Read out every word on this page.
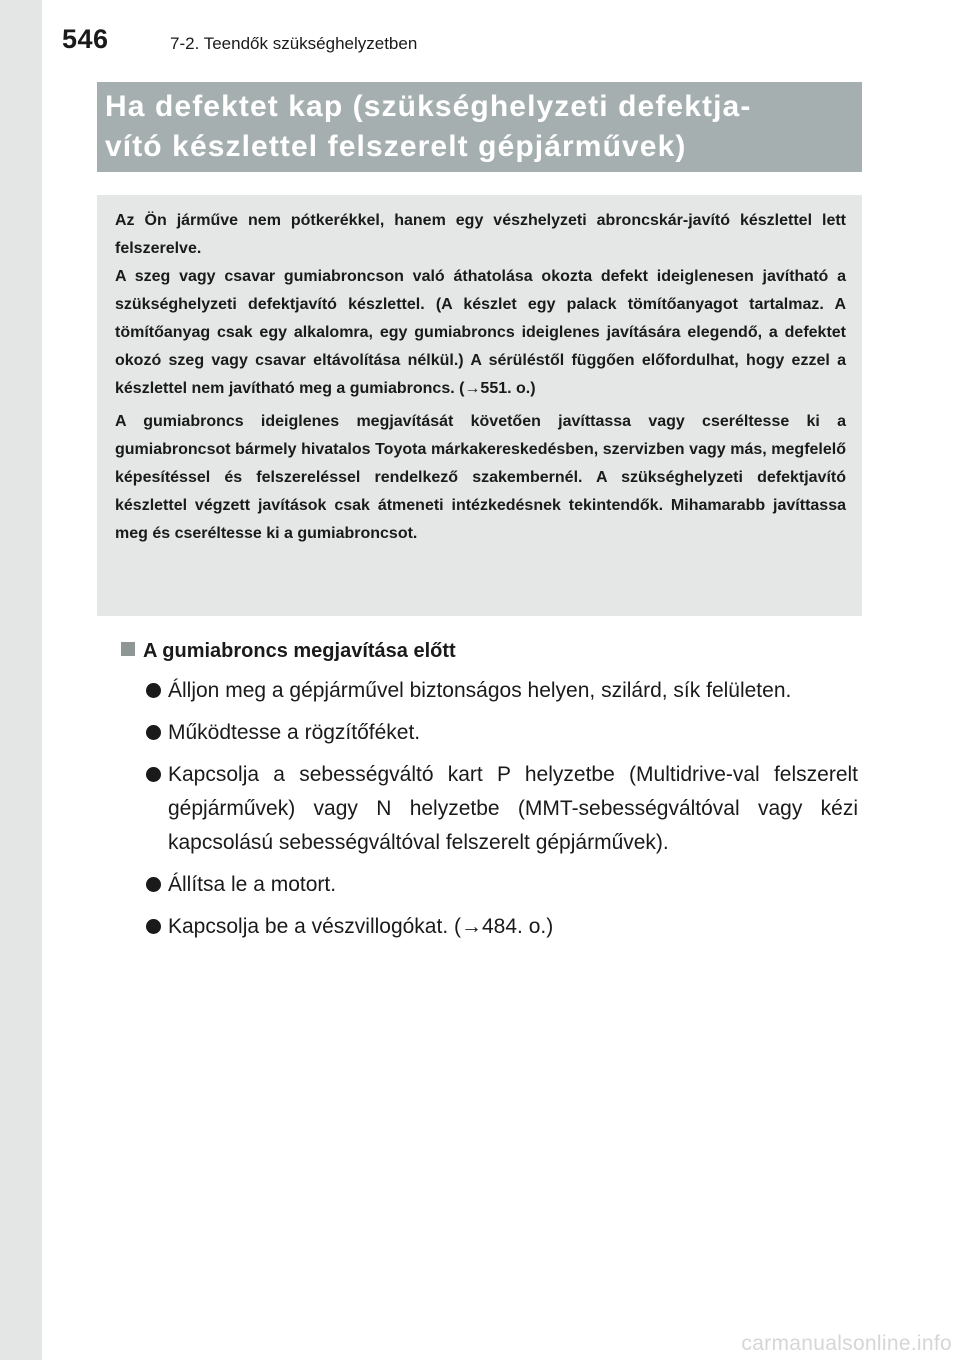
546	7-2. Teendők szükséghelyzetben
Ha defektet kap (szükséghelyzeti defektja-
vító készlettel felszerelt gépjárművek)

Az Ön járműve nem pótkerékkel, hanem egy vészhelyzeti abroncskár-javító készlettel lett felszerelve.

A szeg vagy csavar gumiabroncson való áthatolása okozta defekt ideiglenesen javítható a szükséghelyzeti defektjavító készlettel. (A készlet egy palack tömítőanyagot tartalmaz. A tömítőanyag csak egy alkalomra, egy gumiabroncs ideiglenes javítására elegendő, a defektet okozó szeg vagy csavar eltávolítása nélkül.) A sérüléstől függően előfordulhat, hogy ezzel a készlettel nem javítható meg a gumiabroncs. (→551. o.)

A gumiabroncs ideiglenes megjavítását követően javíttassa vagy cseréltesse ki a gumiabroncsot bármely hivatalos Toyota márkakereskedésben, szervizben vagy más, megfelelő képesítéssel és felszereléssel rendelkező szakembernél. A szükséghelyzeti defektjavító készlettel végzett javítások csak átmeneti intézkedésnek tekintendők. Mihamarabb javíttassa meg és cseréltesse ki a gumiabroncsot.

A gumiabroncs megjavítása előtt
Álljon meg a gépjárművel biztonságos helyen, szilárd, sík felületen.
Működtesse a rögzítőféket.
Kapcsolja a sebességváltó kart P helyzetbe (Multidrive-val felszerelt gépjárművek) vagy N helyzetbe (MMT-sebességváltóval vagy kézi kapcsolású sebességváltóval felszerelt gépjárművek).
Állítsa le a motort.
Kapcsolja be a vészvillogókat. (→484. o.)
carmanualsonline.info
